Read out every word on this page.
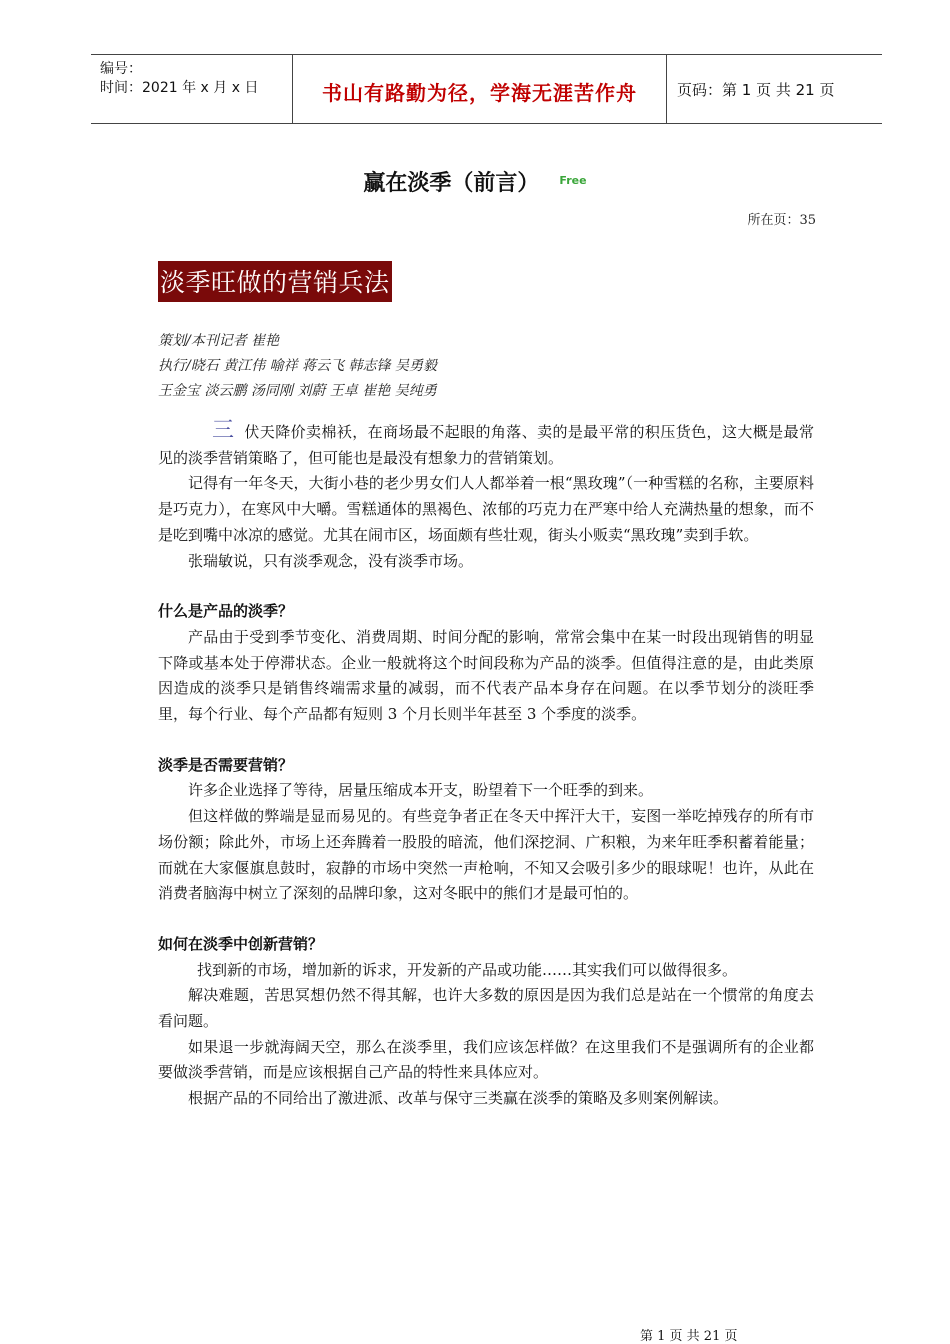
编号：
时间：2021 年 x 月 x 日	书山有路勤为径，学海无涯苦作舟	页码：第 1 页 共 21 页
赢在淡季（前言） $^{Free}$
所在页：35
淡季旺做的营销兵法
策划/本刊记者 崔艳
执行/晓石 黄江伟 喻祥 蒋云飞 韩志锋 吴勇毅
王金宝 淡云鹏 汤同刚 刘蔚 王卓 崔艳 吴纯勇

三 伏天降价卖棉袄，在商场最不起眼的角落、卖的是最平常的积压货色，这大概是最常见的淡季营销策略了，但可能也是最没有想象力的营销策划。

记得有一年冬天，大街小巷的老少男女们人人都举着一根“黑玫瑰”（一种雪糕的名称，主要原料是巧克力），在寒风中大嚼。雪糕通体的黑褐色、浓郁的巧克力在严寒中给人充满热量的想象，而不是吃到嘴中冰凉的感觉。尤其在闹市区，场面颇有些壮观，街头小贩卖“黑玫瑰”卖到手软。

张瑞敏说，只有淡季观念，没有淡季市场。

什么是产品的淡季？

产品由于受到季节变化、消费周期、时间分配的影响，常常会集中在某一时段出现销售的明显下降或基本处于停滞状态。企业一般就将这个时间段称为产品的淡季。但值得注意的是，由此类原因造成的淡季只是销售终端需求量的减弱，而不代表产品本身存在问题。在以季节划分的淡旺季里，每个行业、每个产品都有短则 3 个月长则半年甚至 3 个季度的淡季。

淡季是否需要营销？

许多企业选择了等待，居量压缩成本开支，盼望着下一个旺季的到来。

但这样做的弊端是显而易见的。有些竞争者正在冬天中挥汗大干，妄图一举吃掉残存的所有市场份额；除此外，市场上还奔腾着一股股的暗流，他们深挖洞、广积粮，为来年旺季积蓄着能量；而就在大家偃旗息鼓时，寂静的市场中突然一声枪响，不知又会吸引多少的眼球呢！也许，从此在消费者脑海中树立了深刻的品牌印象，这对冬眠中的熊们才是最可怕的。

如何在淡季中创新营销？

找到新的市场，增加新的诉求，开发新的产品或功能……其实我们可以做得很多。

解决难题，苦思冥想仍然不得其解，也许大多数的原因是因为我们总是站在一个惯常的角度去看问题。

如果退一步就海阔天空，那么在淡季里，我们应该怎样做？在这里我们不是强调所有的企业都要做淡季营销，而是应该根据自己产品的特性来具体应对。

根据产品的不同给出了激进派、改革与保守三类赢在淡季的策略及多则案例解读。

第 1 页 共 21 页
